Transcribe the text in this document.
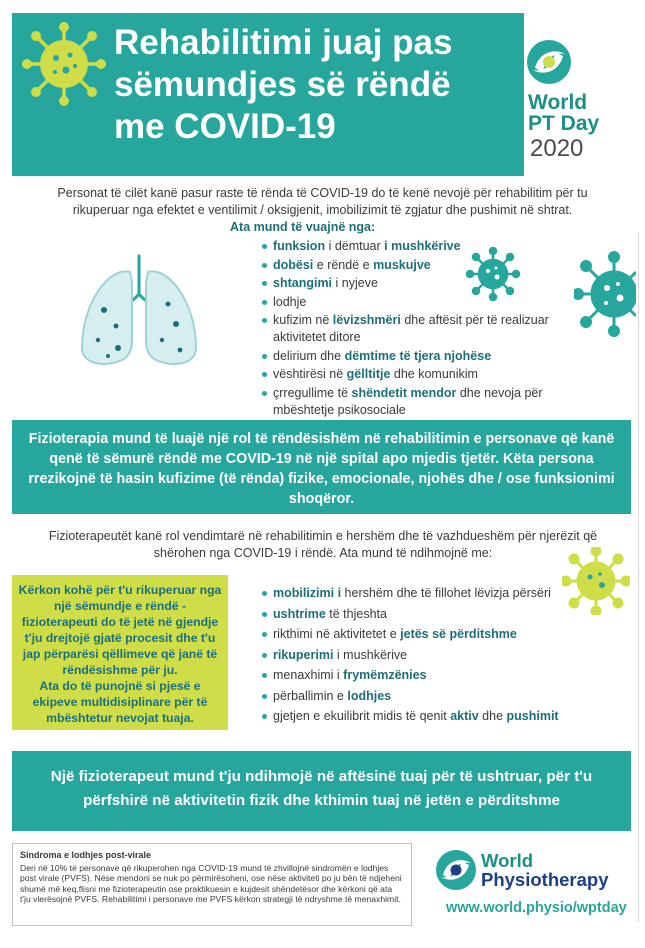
Rehabilitimi juaj pas
sëmundjes së rëndë
me COVID-19
World
PT Day
2020

Personat të cilët kanë pasur raste të rënda të COVID-19 do të kenë nevojë për rehabilitim për tu rikuperuar nga efektet e ventilimit / oksigjenit, imobilizimit të zgjatur dhe pushimit në shtrat.

Ata mund të vuajnë nga:
funksion i dëmtuar i mushkërive
dobësi e rëndë e muskujve
shtangimi i nyjeve
lodhje
kufizim në lëvizshmëri dhe aftësit për të realizuar aktivitetet ditore
delirium dhe dëmtime të tjera njohëse
vështirësi në gëlltitje dhe komunikim
çrregullime të shëndetit mendor dhe nevoja për mbështetje psikosociale

Fizioterapia mund të luajë një rol të rëndësishëm në rehabilitimin e personave që kanë qenë të sëmurë rëndë me COVID-19 në një spital apo mjedis tjetër. Këta persona rrezikojnë të hasin kufizime (të rënda) fizike, emocionale, njohës dhe / ose funksionimi shoqëror.

Fizioterapeutët kanë rol vendimtarë në rehabilitimin e hershëm dhe të vazhdueshëm për njerëzit që shërohen nga COVID-19 i rëndë. Ata mund të ndihmojnë me:

Kërkon kohë për t'u rikuperuar nga një sëmundje e rëndë - fizioterapeuti do të jetë në gjendje t'ju drejtojë gjatë procesit dhe t'u jap përparësi qëllimeve që janë të rëndësishme për ju.

Ata do të punojnë si pjesë e ekipeve multidisiplinare për të mbështetur nevojat tuaja.

mobilizimi i hershëm dhe të fillohet lëvizja përsëri
ushtrime të thjeshta
rikthimi në aktivitetet e jetës së përditshme
rikuperimi i mushkërive
menaxhimi i frymëmzënies
përballimin e lodhjes
gjetjen e ekuilibrit midis të qenit aktiv dhe pushimit

Një fizioterapeut mund t'ju ndihmojë në aftësinë tuaj për të ushtruar, për t'u përfshirë në aktivitetin fizik dhe kthimin tuaj në jetën e përditshme

Sindroma e lodhjes post-virale

Deri në 10% të personave që rikuperohen nga COVID-19 mund të zhvillojnë sindromën e lodhjes post virale (PVFS). Nëse mendoni se nuk po përmirësoheni, ose nëse aktiviteti po ju bën të ndjeheni shumë më keq,flisni me fizioterapeutin ose praktikuesin e kujdesit shëndetësor dhe kërkoni që ata t'ju vlerësojnë PVFS. Rehabilitimi i personave me PVFS kërkon strategji të ndryshme të menaxhimit.

World
Physiotherapy
www.world.physio/wptday
